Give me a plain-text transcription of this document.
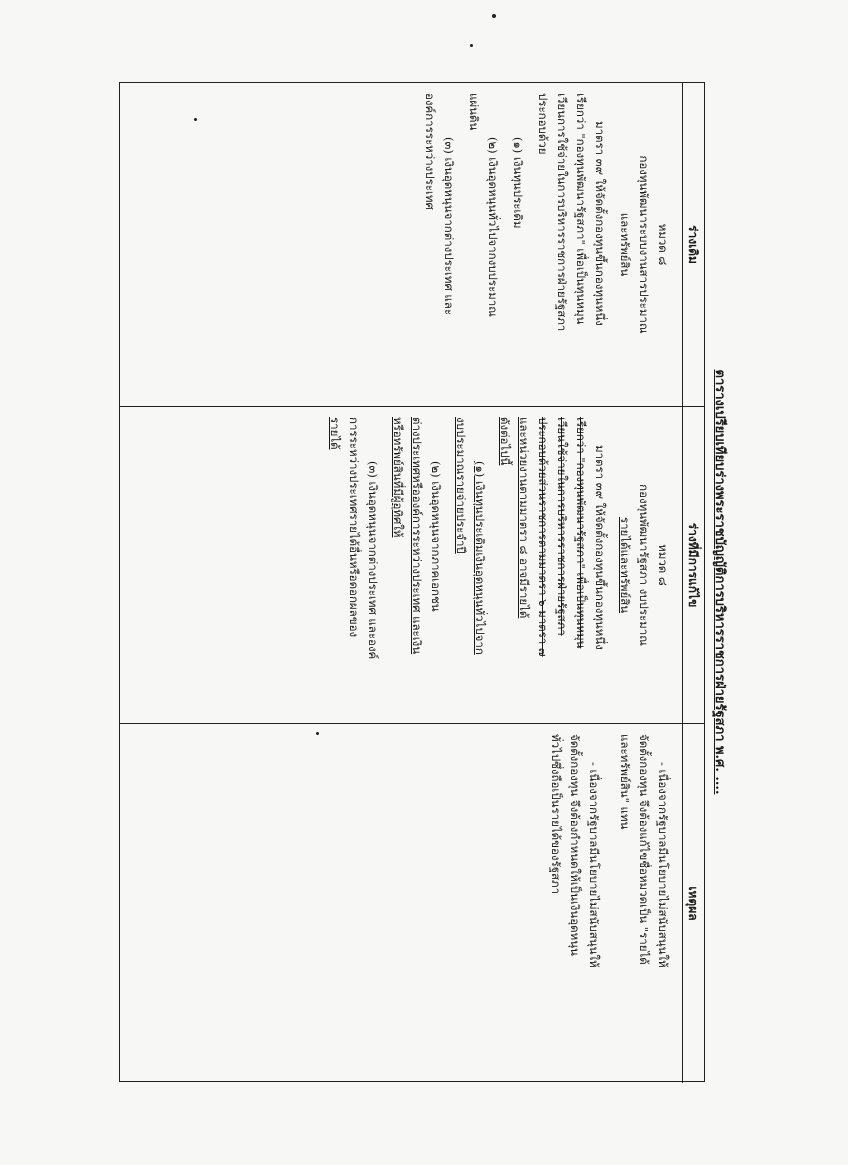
ตารางเปรียบเทียบร่างพระราชบัญญัติการบริหารราชการฝ่ายรัฐสภา พ.ศ. ....
ร่างเดิม
ร่างที่มีการแก้ไข
เหตุผล
หมวด ๘
กองทุนพัฒนาระบบงานสารประมาณ
และทรัพย์สิน
มาตรา ๓๙ ให้จัดตั้งกองทุนขึ้นกองทุนหนึ่ง
เรียกว่า "กองทุนพัฒนารัฐสภา" เพื่อเป็นทุนหมุน
เวียนการใช้จ่ายในการบริหารราชการฝ่ายรัฐสภา
ประกอบด้วย
(๑) เงินทุนประเดิม
(๒) เงินอุดหนุนทั่วไปจากงบประมาณ
แผ่นดิน
(๓) เงินอุดหนุนจากต่างประเทศ และ
องค์การระหว่างประเทศ
หมวด ๘
กองทุนพัฒนารัฐสภา งบประมาณ
รายได้และทรัพย์สิน
มาตรา ๓๙ ให้จัดตั้งกองทุนขึ้นกองทุนหนึ่ง
เรียกว่า "กองทุนพัฒนารัฐสภา" เพื่อเป็นทุนหมุน
เวียนใช้จ่ายในการบริหารราชการฝ่ายรัฐสภา
ประกอบด้วยส่วนราชการตามมาตรา ๖ มาตรา ๗
และหน่วยงานตามมาตรา ๘ อาจมีรายได้
ดังต่อไปนี้
(๑) เงินทุนประเดิมเงินอุดหนุนทั่วไปจาก
งบประมาณรายจ่ายประจำปี
(๒) เงินอุดหนุนจากภาคเอกชน
ต่างประเทศหรือองค์การระหว่างประเทศ และเงิน
หรือทรัพย์สินที่มีผู้อุทิศให้
(๓) เงินอุดหนุนจากต่างประเทศ และองค์
การระหว่างประเทศรายได้อื่นหรือดอกผลของ
รายได้
- เนื่องจากรัฐบาลมีนโยบายไม่สนับสนุนให้
จัดตั้งกองทุน จึงต้องแก้ไขชื่อหมวดเป็น "รายได้
และทรัพย์สิน" แทน
- เนื่องจากรัฐบาลมีนโยบายไม่สนับสนุนให้
จัดตั้งกองทุน จึงต้องกำหนดให้เป็นเงินอุดหนุน
ทั่วไปซึ่งถือเป็นรายได้ของรัฐสภา
